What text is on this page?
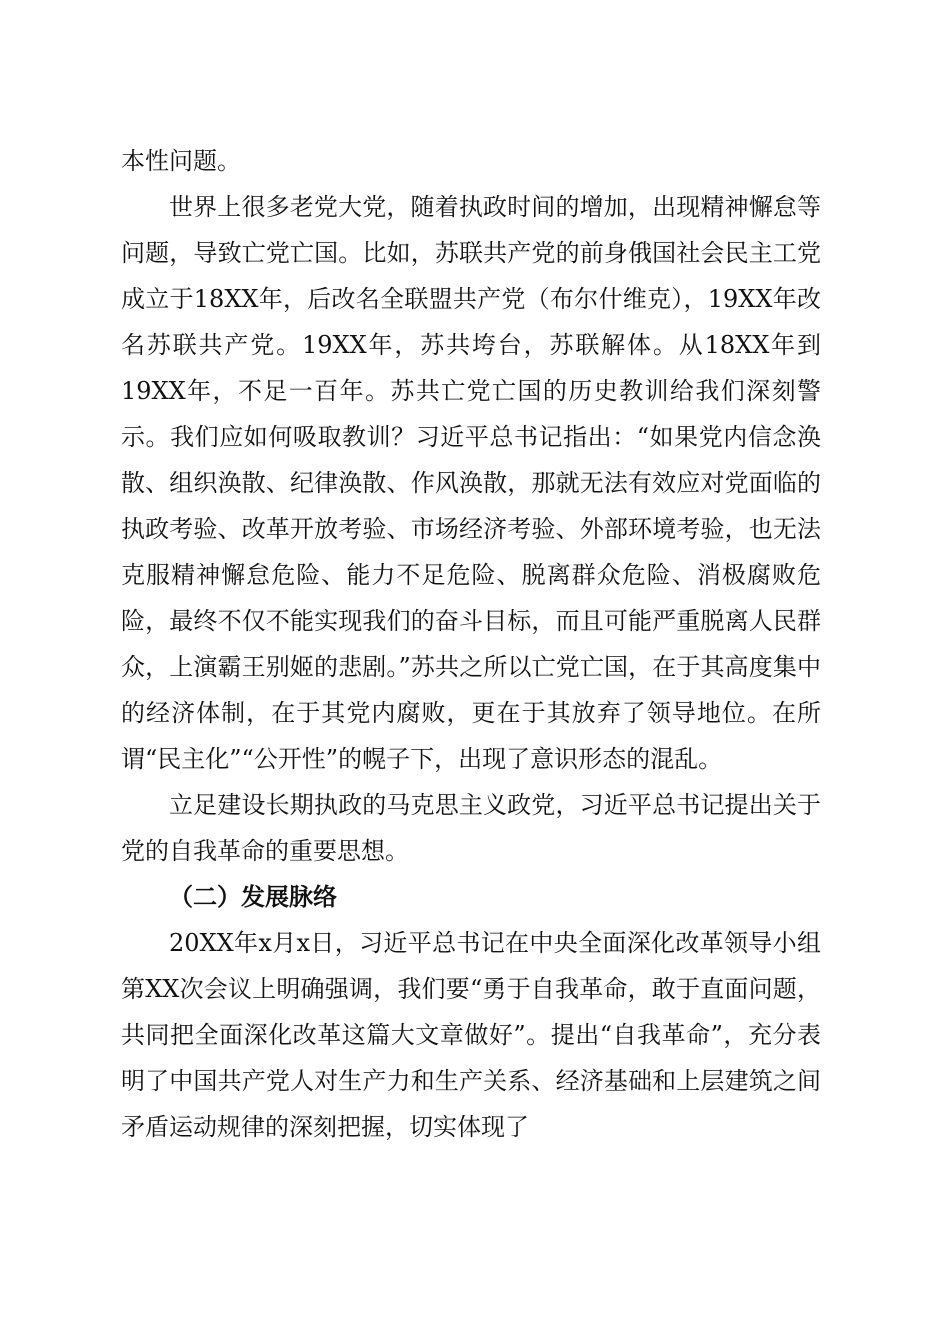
本性问题。

世界上很多老党大党，随着执政时间的增加，出现精神懈怠等问题，导致亡党亡国。比如，苏联共产党的前身俄国社会民主工党成立于18XX年，后改名全联盟共产党（布尔什维克），19XX年改名苏联共产党。19XX年，苏共垮台，苏联解体。从18XX年到19XX年，不足一百年。苏共亡党亡国的历史教训给我们深刻警示。我们应如何吸取教训？习近平总书记指出：“如果党内信念涣散、组织涣散、纪律涣散、作风涣散，那就无法有效应对党面临的执政考验、改革开放考验、市场经济考验、外部环境考验，也无法克服精神懈怠危险、能力不足危险、脱离群众危险、消极腐败危险，最终不仅不能实现我们的奋斗目标，而且可能严重脱离人民群众，上演霸王别姬的悲剧。”苏共之所以亡党亡国，在于其高度集中的经济体制，在于其党内腐败，更在于其放弃了领导地位。在所谓“民主化”“公开性”的幌子下，出现了意识形态的混乱。

立足建设长期执政的马克思主义政党，习近平总书记提出关于党的自我革命的重要思想。

（二）发展脉络

20XX年x月x日，习近平总书记在中央全面深化改革领导小组第XX次会议上明确强调，我们要“勇于自我革命，敢于直面问题，共同把全面深化改革这篇大文章做好”。提出“自我革命”，充分表明了中国共产党人对生产力和生产关系、经济基础和上层建筑之间矛盾运动规律的深刻把握，切实体现了
